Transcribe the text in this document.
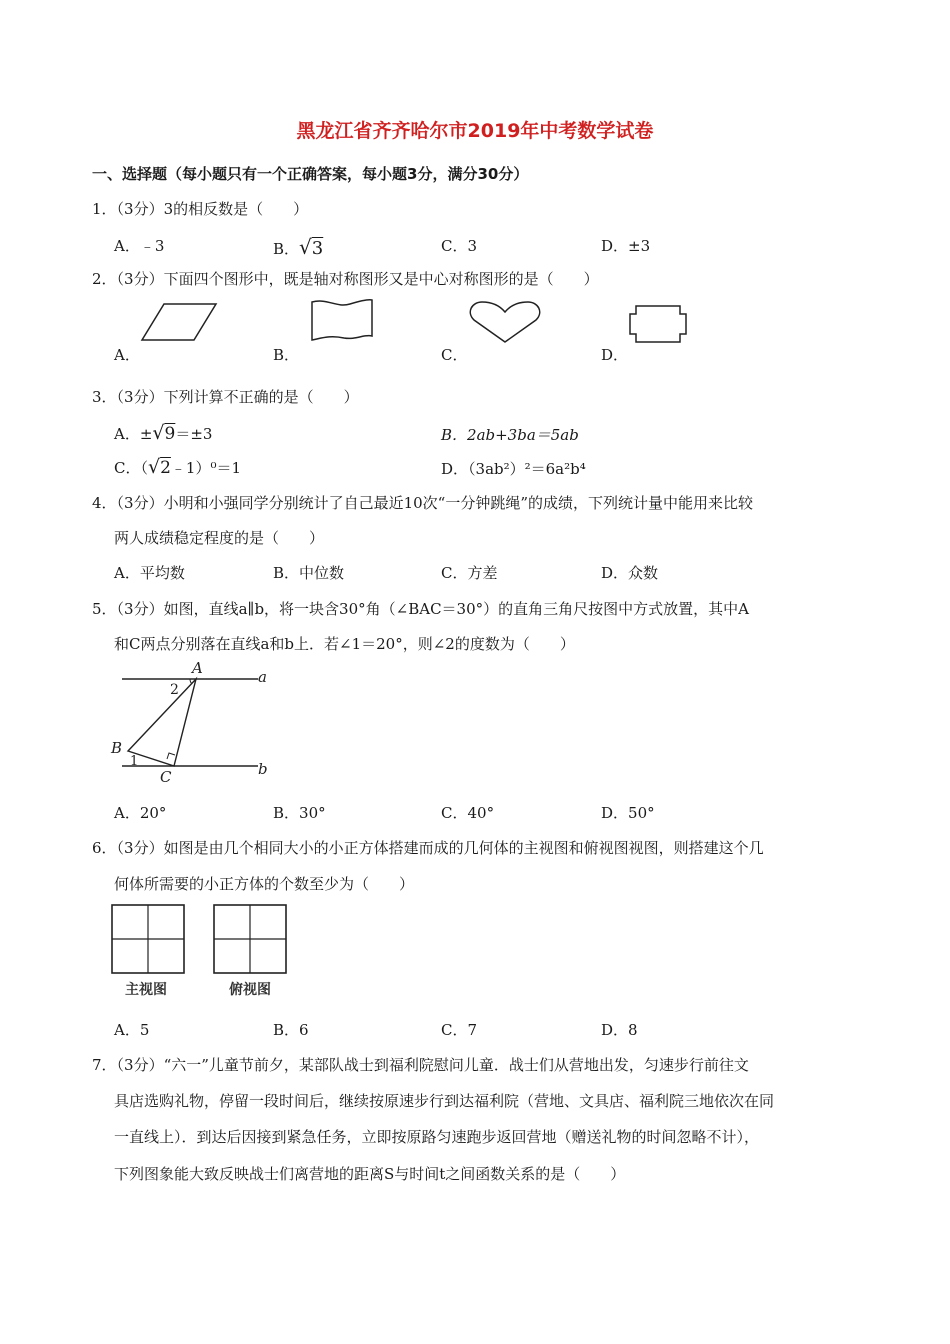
黑龙江省齐齐哈尔市2019年中考数学试卷
一、选择题（每小题只有一个正确答案，每小题3分，满分30分）
1．（3分）3的相反数是（　　）
A．﹣3	B．√3	C．3	D．±3
2．（3分）下面四个图形中，既是轴对称图形又是中心对称图形的是（　　）
A．	B．	C．	D．
3．（3分）下列计算不正确的是（　　）
A．±√9＝±3	B．2ab+3ba＝5ab
C．（√2﹣1）⁰＝1	D．（3ab²）²＝6a²b⁴
4．（3分）小明和小强同学分别统计了自己最近10次“一分钟跳绳”的成绩，下列统计量中能用来比较
两人成绩稳定程度的是（　　）
A．平均数	B．中位数	C．方差	D．众数
5．（3分）如图，直线a∥b，将一块含30°角（∠BAC＝30°）的直角三角尺按图中方式放置，其中A
和C两点分别落在直线a和b上．若∠1＝20°，则∠2的度数为（　　）
A
2
a
B
1
C	b
A．20°	B．30°	C．40°	D．50°
6．（3分）如图是由几个相同大小的小正方体搭建而成的几何体的主视图和俯视图视图，则搭建这个几
何体所需要的小正方体的个数至少为（　　）
主视图	俯视图
A．5	B．6	C．7	D．8
7．（3分）“六一”儿童节前夕，某部队战士到福利院慰问儿童．战士们从营地出发，匀速步行前往文
具店选购礼物，停留一段时间后，继续按原速步行到达福利院（营地、文具店、福利院三地依次在同
一直线上）．到达后因接到紧急任务，立即按原路匀速跑步返回营地（赠送礼物的时间忽略不计），
下列图象能大致反映战士们离营地的距离S与时间t之间函数关系的是（　　）
